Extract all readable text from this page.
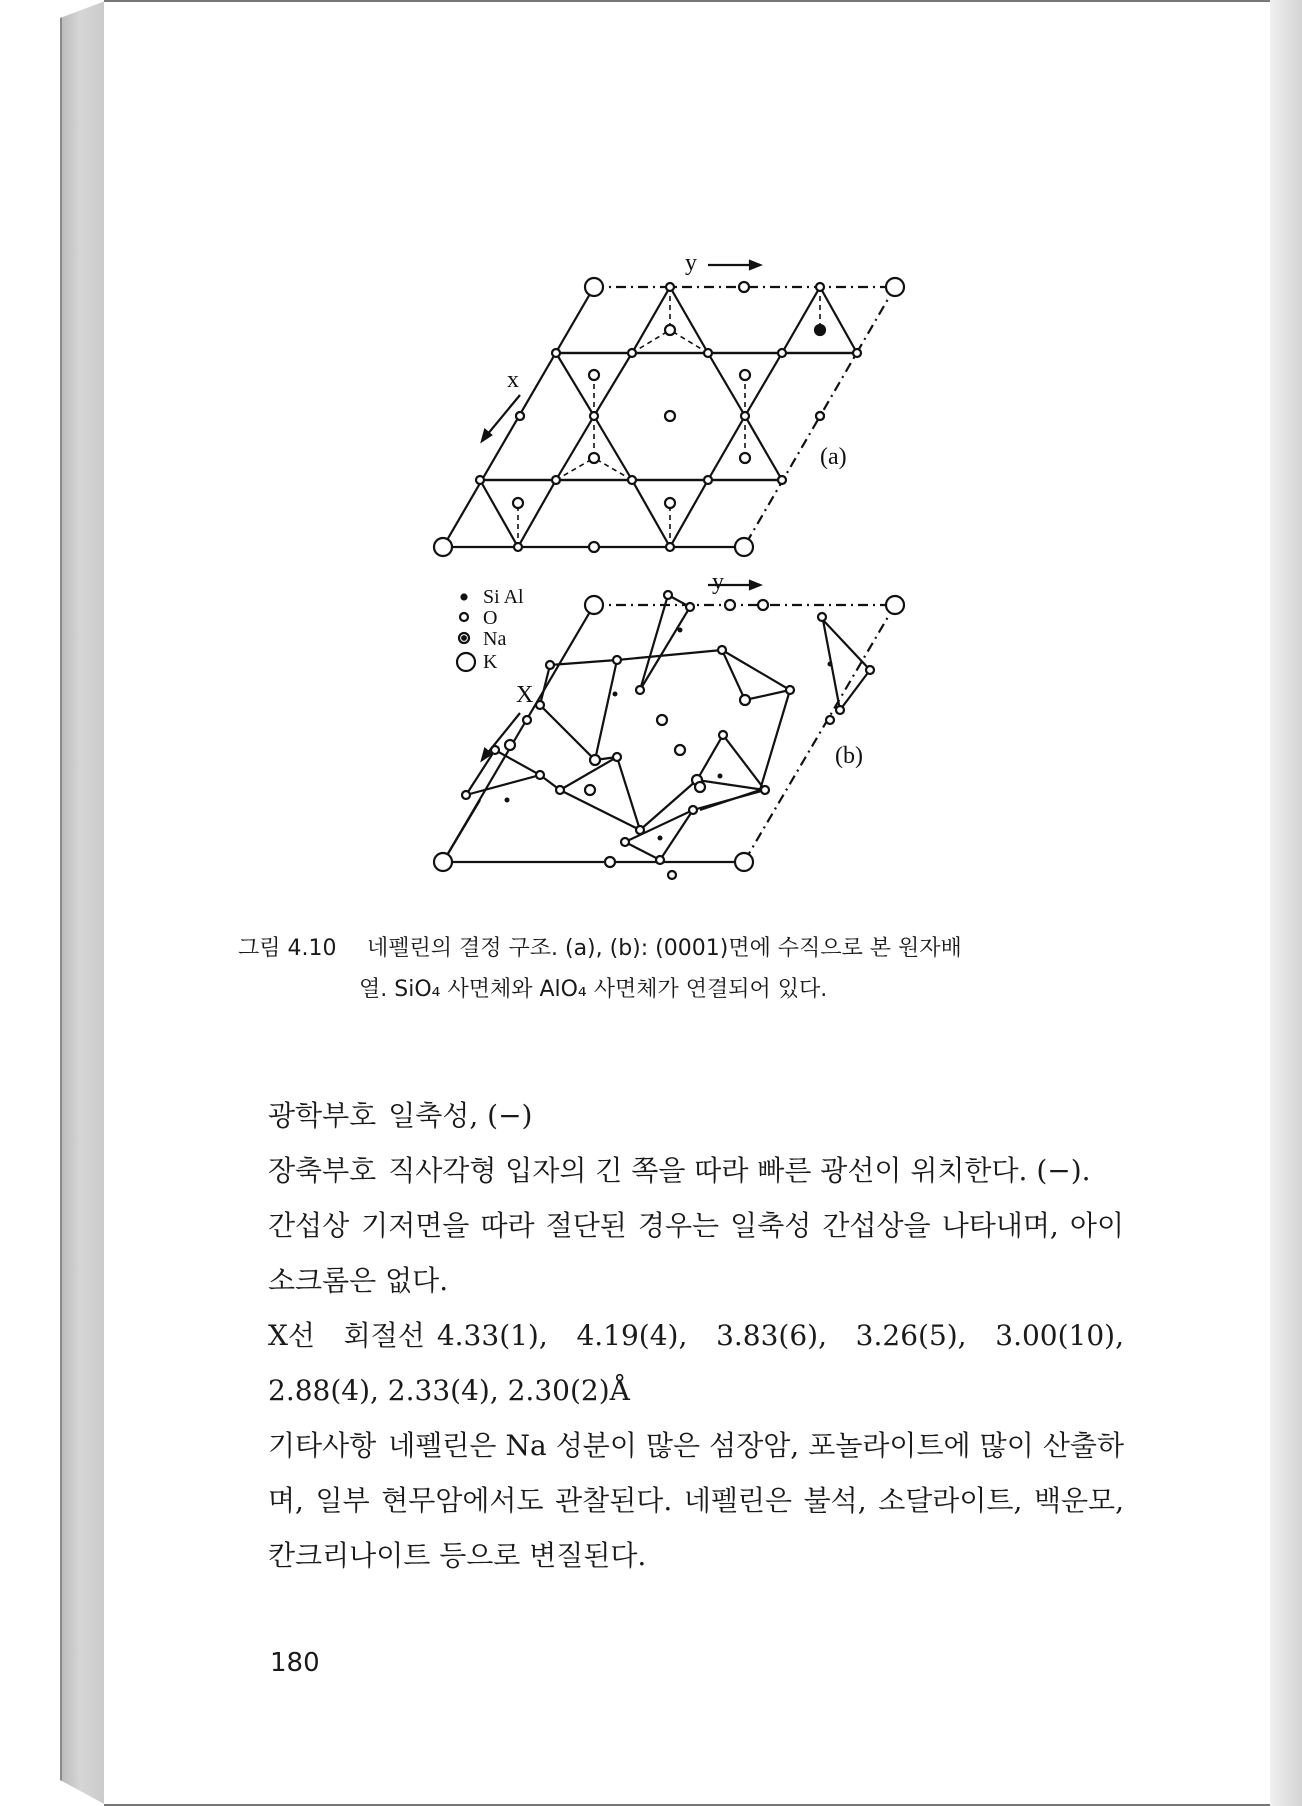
y
x
(a)
y
X
(b)
Si Al
O
Na
K
그림 4.10 네펠린의 결정 구조. (a), (b): (0001)면에 수직으로 본 원자배
열. SiO₄ 사면체와 AlO₄ 사면체가 연결되어 있다.

광학부호 일축성, (−)

장축부호 직사각형 입자의 긴 쪽을 따라 빠른 광선이 위치한다. (−).

간섭상 기저면을 따라 절단된 경우는 일축성 간섭상을 나타내며, 아이소크롬은 없다.

X선 회절선 4.33(1), 4.19(4), 3.83(6), 3.26(5), 3.00(10), 2.88(4), 2.33(4), 2.30(2)Å

기타사항 네펠린은 Na 성분이 많은 섬장암, 포놀라이트에 많이 산출하며, 일부 현무암에서도 관찰된다. 네펠린은 불석, 소달라이트, 백운모, 칸크리나이트 등으로 변질된다.

180
